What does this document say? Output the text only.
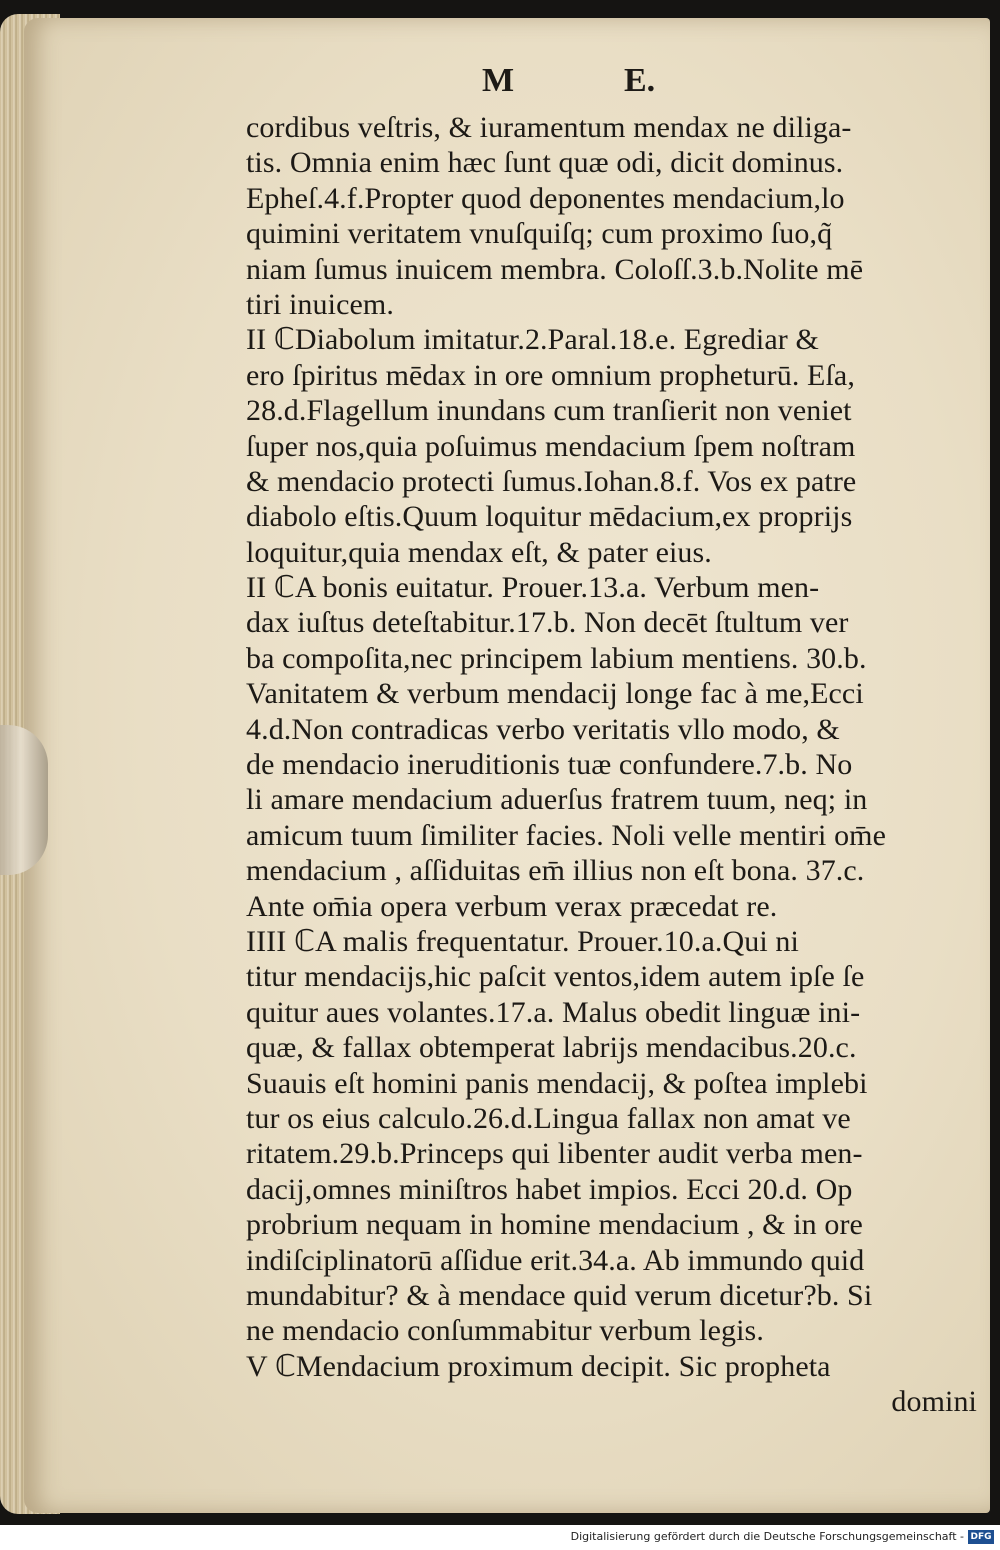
M	E.
cordibus veſtris, & iuramentum mendax ne diliga-
tis. Omnia enim hæc ſunt quæ odi, dicit dominus.
Epheſ.4.f.Propter quod deponentes mendacium,lo
quimini veritatem vnuſquiſq; cum proximo ſuo,q̃
niam ſumus inuicem membra. Coloſſ.3.b.Nolite mē
tiri inuicem.
II ℂDiabolum imitatur.2.Paral.18.e. Egrediar &
ero ſpiritus mēdax in ore omnium propheturū. Eſa,
28.d.Flagellum inundans cum tranſierit non veniet
ſuper nos,quia poſuimus mendacium ſpem noſtram
& mendacio protecti ſumus.Iohan.8.f. Vos ex patre
diabolo eſtis.Quum loquitur mēdacium,ex proprijs
loquitur,quia mendax eſt, & pater eius.
II ℂA bonis euitatur. Prouer.13.a. Verbum men-
dax iuſtus deteſtabitur.17.b. Non decēt ſtultum ver
ba compoſita,nec principem labium mentiens. 30.b.
Vanitatem & verbum mendacij longe fac à me,Ecci
4.d.Non contradicas verbo veritatis vllo modo, &
de mendacio ineruditionis tuæ confundere.7.b. No
li amare mendacium aduerſus fratrem tuum, neq; in
amicum tuum ſimiliter facies. Noli velle mentiri om̄e
mendacium , aſſiduitas em̄ illius non eſt bona. 37.c.
Ante om̄ia opera verbum verax præcedat re.
IIII ℂA malis frequentatur. Prouer.10.a.Qui ni
titur mendacijs,hic paſcit ventos,idem autem ipſe ſe
quitur aues volantes.17.a. Malus obedit linguæ ini-
quæ, & fallax obtemperat labrijs mendacibus.20.c.
Suauis eſt homini panis mendacij, & poſtea implebi
tur os eius calculo.26.d.Lingua fallax non amat ve
ritatem.29.b.Princeps qui libenter audit verba men-
dacij,omnes miniſtros habet impios. Ecci 20.d. Op
probrium nequam in homine mendacium , & in ore
indiſciplinatorū aſſidue erit.34.a. Ab immundo quid
mundabitur? & à mendace quid verum dicetur?b. Si
ne mendacio conſummabitur verbum legis.
V ℂMendacium proximum decipit. Sic propheta
domini
Digitalisierung gefördert durch die Deutsche Forschungsgemeinschaft - DFG
